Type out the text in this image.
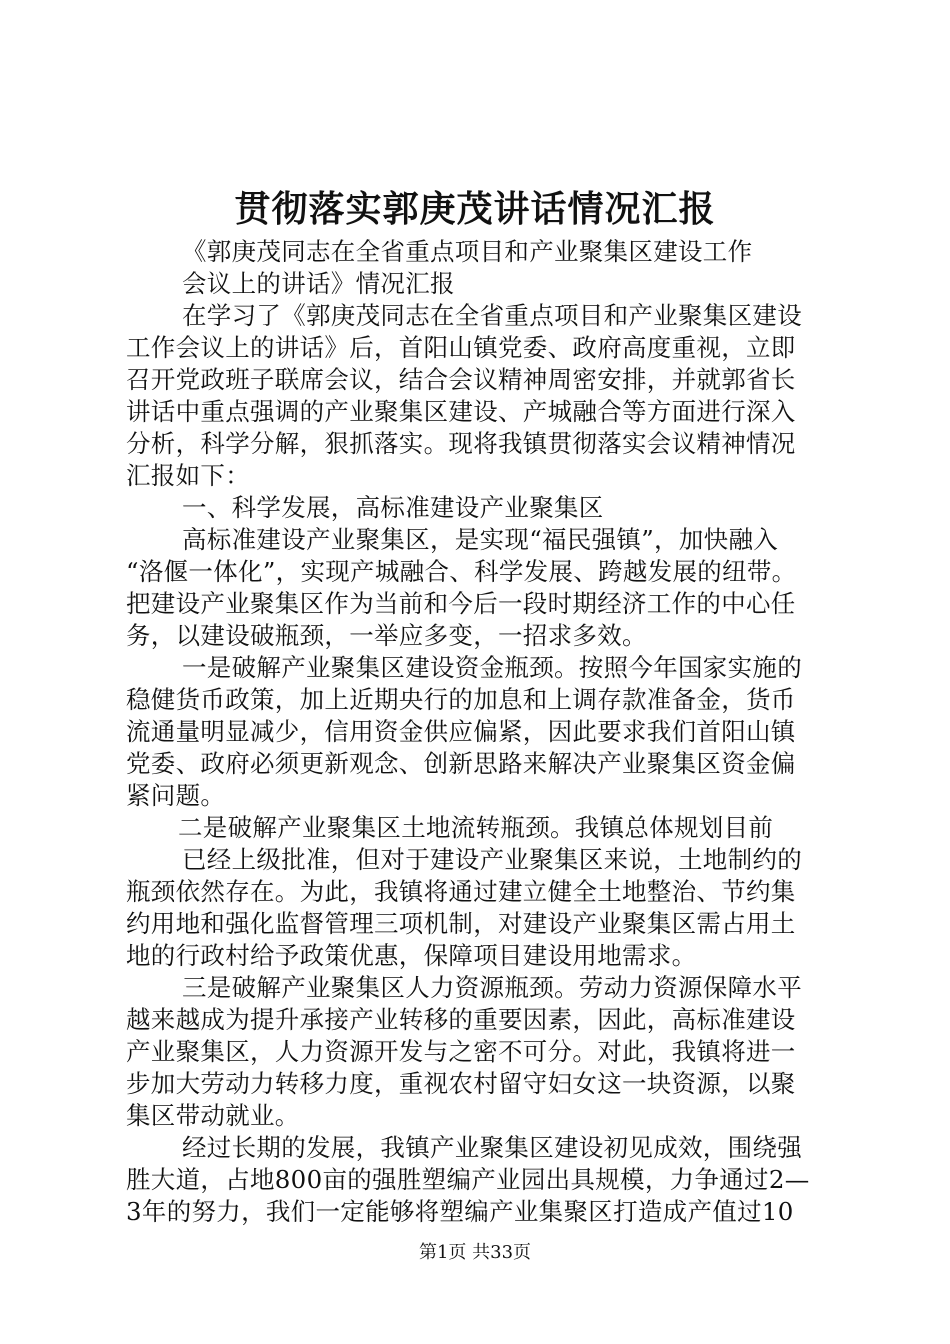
贯彻落实郭庚茂讲话情况汇报
《郭庚茂同志在全省重点项目和产业聚集区建设工作
会议上的讲话》情况汇报
在学习了《郭庚茂同志在全省重点项目和产业聚集区建设
工作会议上的讲话》后，首阳山镇党委、政府高度重视，立即
召开党政班子联席会议，结合会议精神周密安排，并就郭省长
讲话中重点强调的产业聚集区建设、产城融合等方面进行深入
分析，科学分解，狠抓落实。现将我镇贯彻落实会议精神情况
汇报如下：
一、科学发展，高标准建设产业聚集区
高标准建设产业聚集区，是实现“福民强镇”，加快融入
“洛偃一体化”，实现产城融合、科学发展、跨越发展的纽带。
把建设产业聚集区作为当前和今后一段时期经济工作的中心任
务，以建设破瓶颈，一举应多变，一招求多效。
一是破解产业聚集区建设资金瓶颈。按照今年国家实施的
稳健货币政策，加上近期央行的加息和上调存款准备金，货币
流通量明显减少，信用资金供应偏紧，因此要求我们首阳山镇
党委、政府必须更新观念、创新思路来解决产业聚集区资金偏
紧问题。
二是破解产业聚集区土地流转瓶颈。我镇总体规划目前
已经上级批准，但对于建设产业聚集区来说，土地制约的
瓶颈依然存在。为此，我镇将通过建立健全土地整治、节约集
约用地和强化监督管理三项机制，对建设产业聚集区需占用土
地的行政村给予政策优惠，保障项目建设用地需求。
三是破解产业聚集区人力资源瓶颈。劳动力资源保障水平
越来越成为提升承接产业转移的重要因素，因此，高标准建设
产业聚集区，人力资源开发与之密不可分。对此，我镇将进一
步加大劳动力转移力度，重视农村留守妇女这一块资源，以聚
集区带动就业。
经过长期的发展，我镇产业聚集区建设初见成效，围绕强
胜大道，占地800亩的强胜塑编产业园出具规模，力争通过2—
3年的努力，我们一定能够将塑编产业集聚区打造成产值过10
第1页 共33页
